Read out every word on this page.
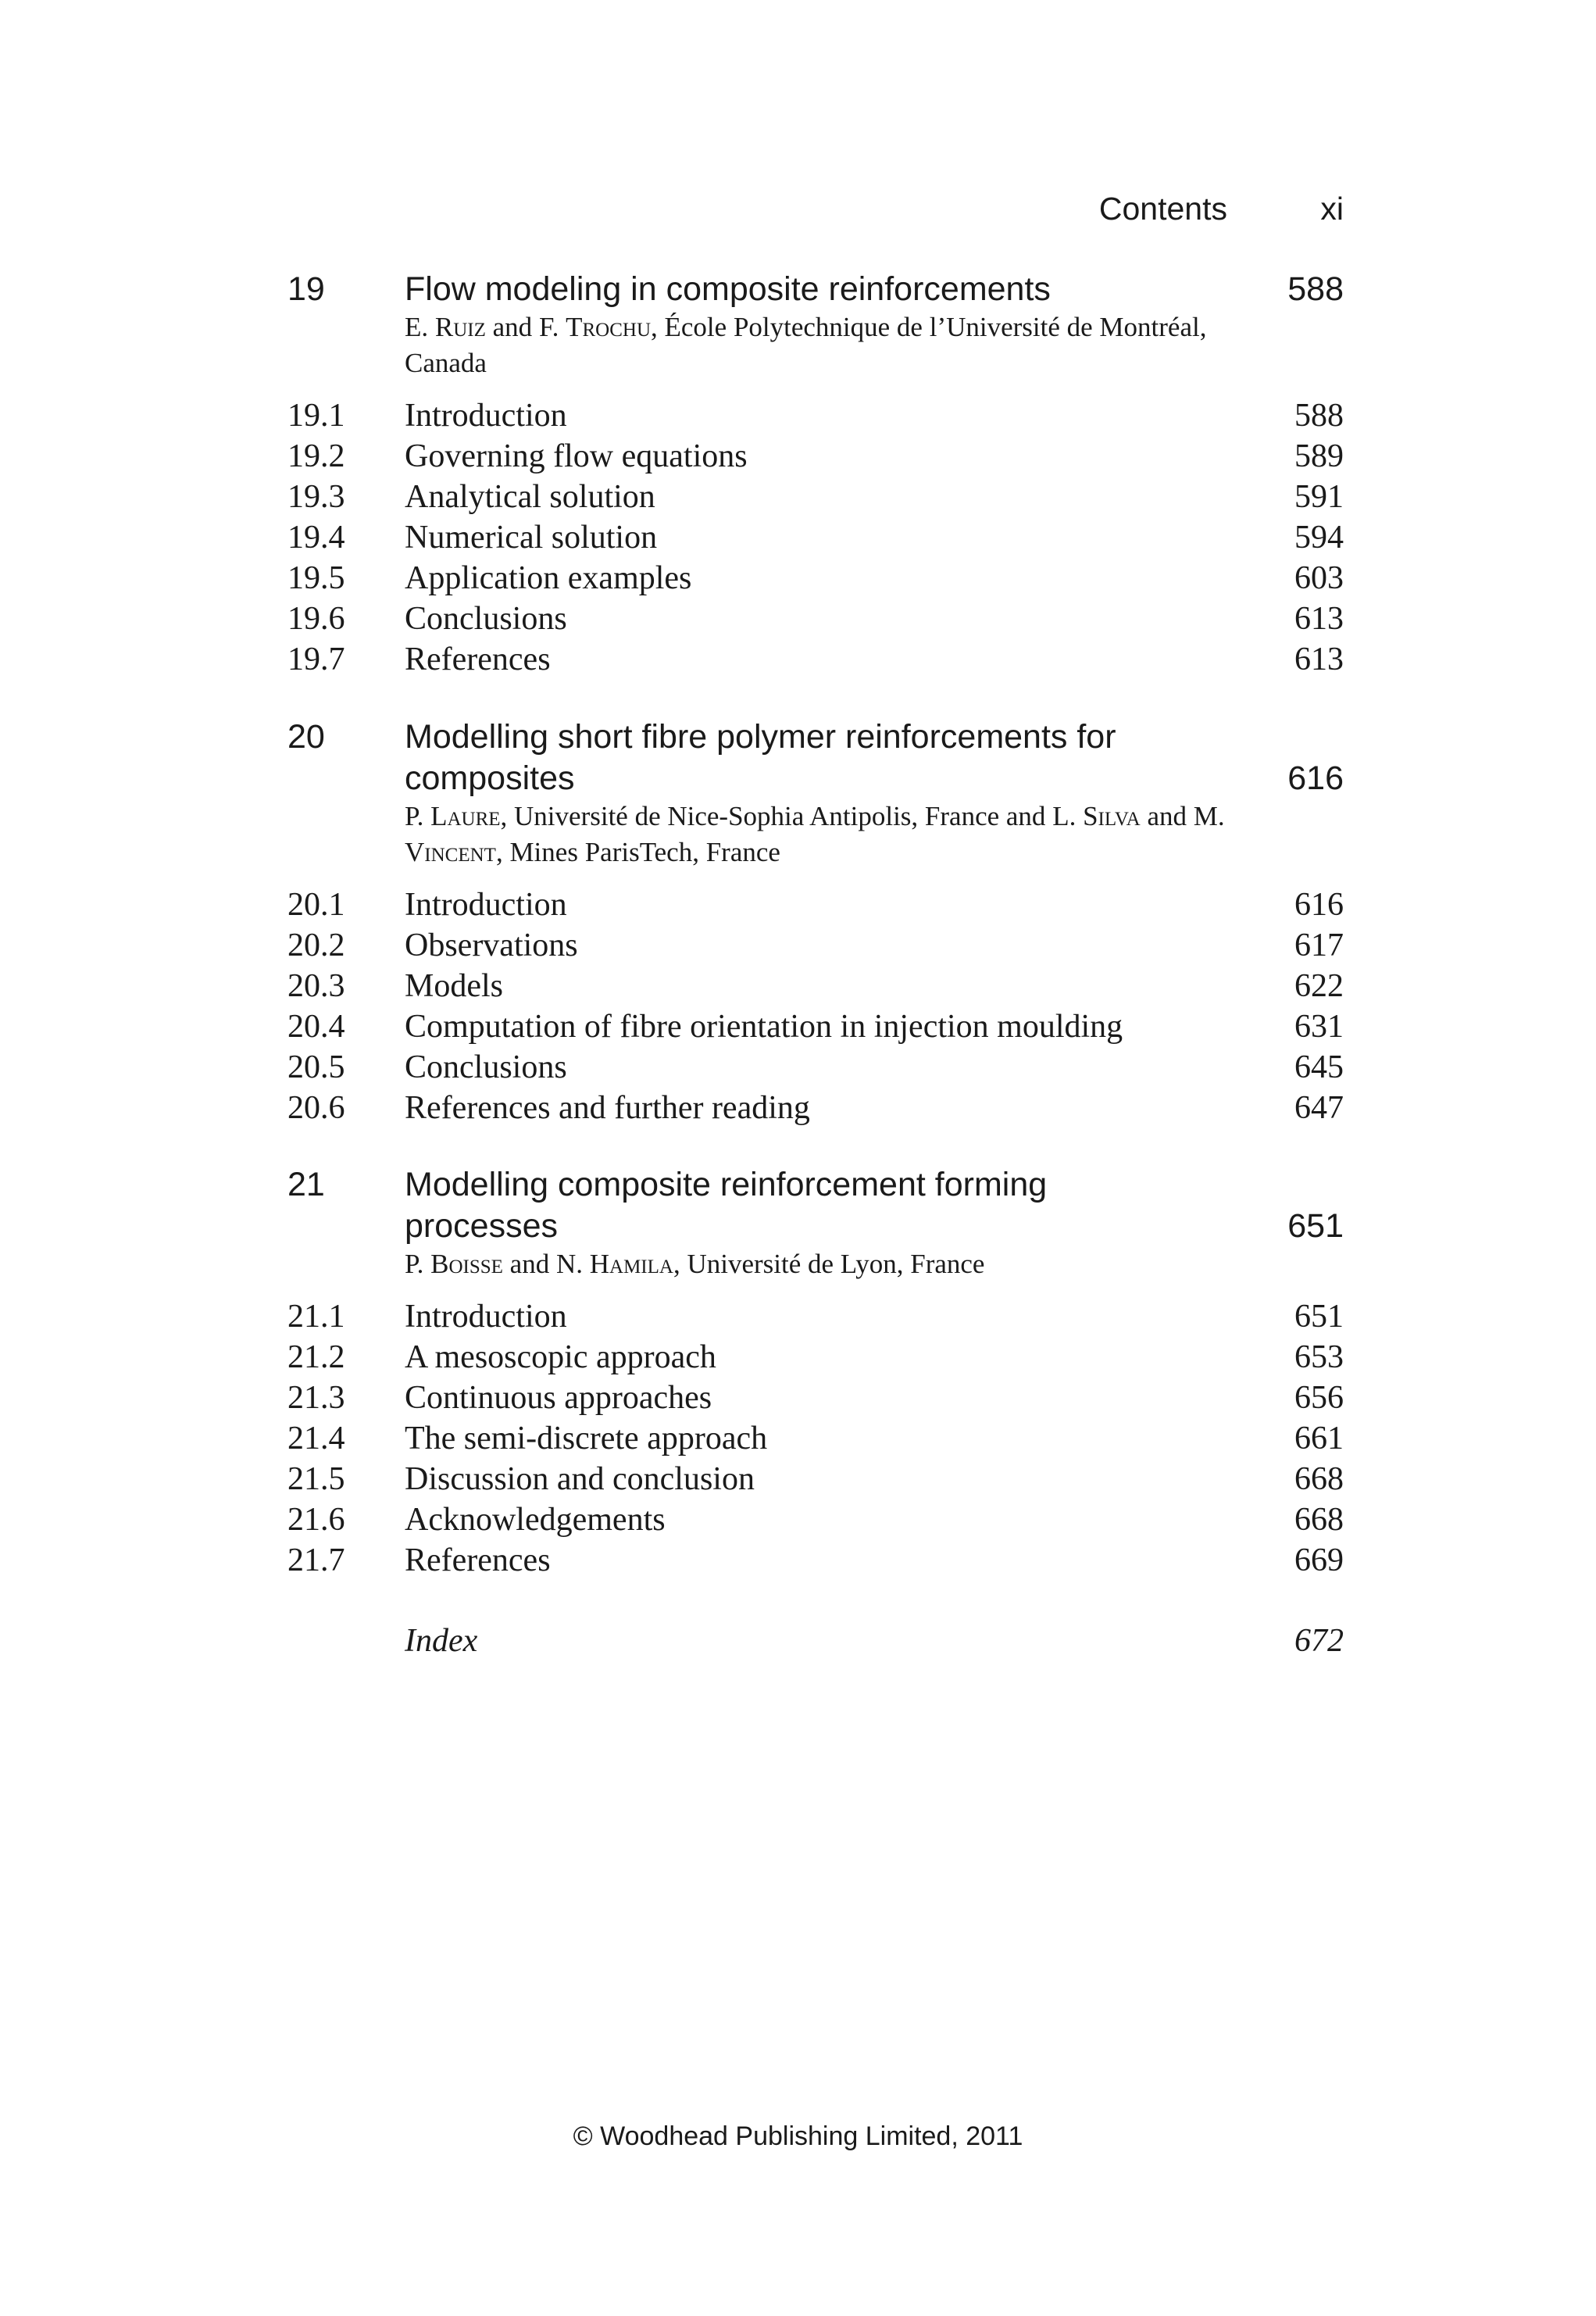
Contents	xi
19 Flow modeling in composite reinforcements	588
E. Ruiz and F. Trochu, École Polytechnique de l’Université de Montréal, Canada
19.1 Introduction	588
19.2 Governing flow equations	589
19.3 Analytical solution	591
19.4 Numerical solution	594
19.5 Application examples	603
19.6 Conclusions	613
19.7 References	613
20 Modelling short fibre polymer reinforcements for composites	616
P. Laure, Université de Nice-Sophia Antipolis, France and L. Silva and M. Vincent, Mines ParisTech, France
20.1 Introduction	616
20.2 Observations	617
20.3 Models	622
20.4 Computation of fibre orientation in injection moulding	631
20.5 Conclusions	645
20.6 References and further reading	647
21 Modelling composite reinforcement forming processes	651
P. Boisse and N. Hamila, Université de Lyon, France
21.1 Introduction	651
21.2 A mesoscopic approach	653
21.3 Continuous approaches	656
21.4 The semi-discrete approach	661
21.5 Discussion and conclusion	668
21.6 Acknowledgements	668
21.7 References	669
Index	672
© Woodhead Publishing Limited, 2011
